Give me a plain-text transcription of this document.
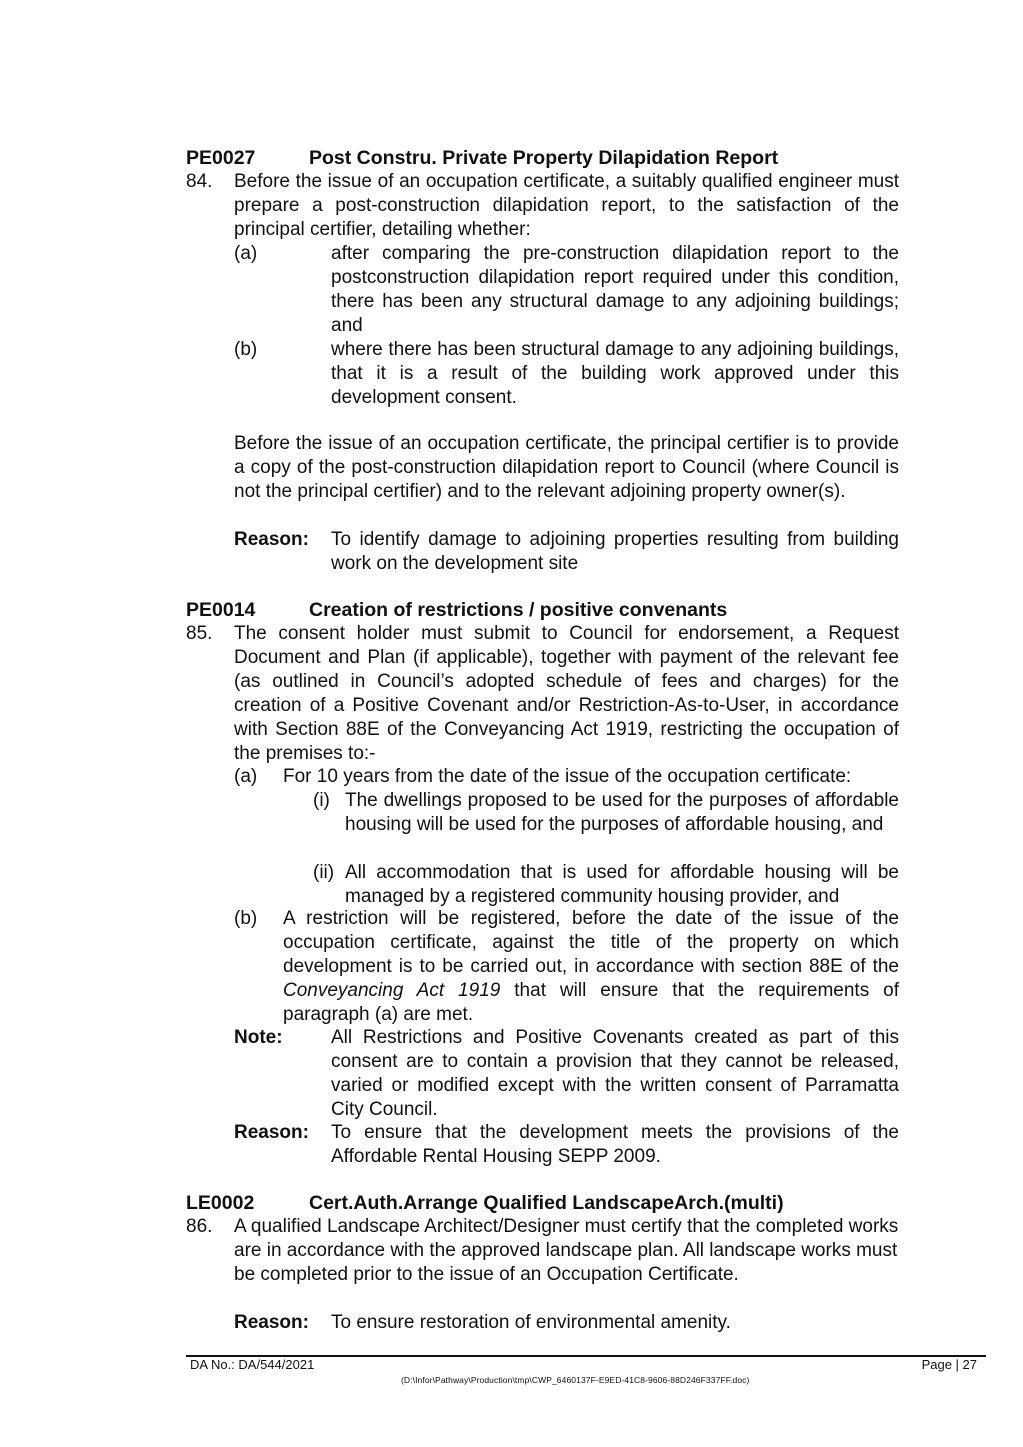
PE0027	Post Constru. Private Property Dilapidation Report
84. Before the issue of an occupation certificate, a suitably qualified engineer must prepare a post-construction dilapidation report, to the satisfaction of the principal certifier, detailing whether:
(a)	after comparing the pre-construction dilapidation report to the postconstruction dilapidation report required under this condition, there has been any structural damage to any adjoining buildings; and
(b)	where there has been structural damage to any adjoining buildings, that it is a result of the building work approved under this development consent.
Before the issue of an occupation certificate, the principal certifier is to provide a copy of the post-construction dilapidation report to Council (where Council is not the principal certifier) and to the relevant adjoining property owner(s).
Reason: To identify damage to adjoining properties resulting from building work on the development site
PE0014	Creation of restrictions / positive convenants
85. The consent holder must submit to Council for endorsement, a Request Document and Plan (if applicable), together with payment of the relevant fee (as outlined in Council’s adopted schedule of fees and charges) for the creation of a Positive Covenant and/or Restriction-As-to-User, in accordance with Section 88E of the Conveyancing Act 1919, restricting the occupation of the premises to:-
(a) For 10 years from the date of the issue of the occupation certificate:
(i) The dwellings proposed to be used for the purposes of affordable housing will be used for the purposes of affordable housing, and
(ii) All accommodation that is used for affordable housing will be managed by a registered community housing provider, and
(b) A restriction will be registered, before the date of the issue of the occupation certificate, against the title of the property on which development is to be carried out, in accordance with section 88E of the Conveyancing Act 1919 that will ensure that the requirements of paragraph (a) are met.
Note:	All Restrictions and Positive Covenants created as part of this consent are to contain a provision that they cannot be released, varied or modified except with the written consent of Parramatta City Council.
Reason: To ensure that the development meets the provisions of the Affordable Rental Housing SEPP 2009.
LE0002	Cert.Auth.Arrange Qualified LandscapeArch.(multi)
86. A qualified Landscape Architect/Designer must certify that the completed works are in accordance with the approved landscape plan. All landscape works must be completed prior to the issue of an Occupation Certificate.
Reason: To ensure restoration of environmental amenity.
DA No.: DA/544/2021	Page | 27
(D:\Infor\Pathway\Production\tmp\CWP_6460137F-E9ED-41C8-9606-88D246F337FF.doc)
